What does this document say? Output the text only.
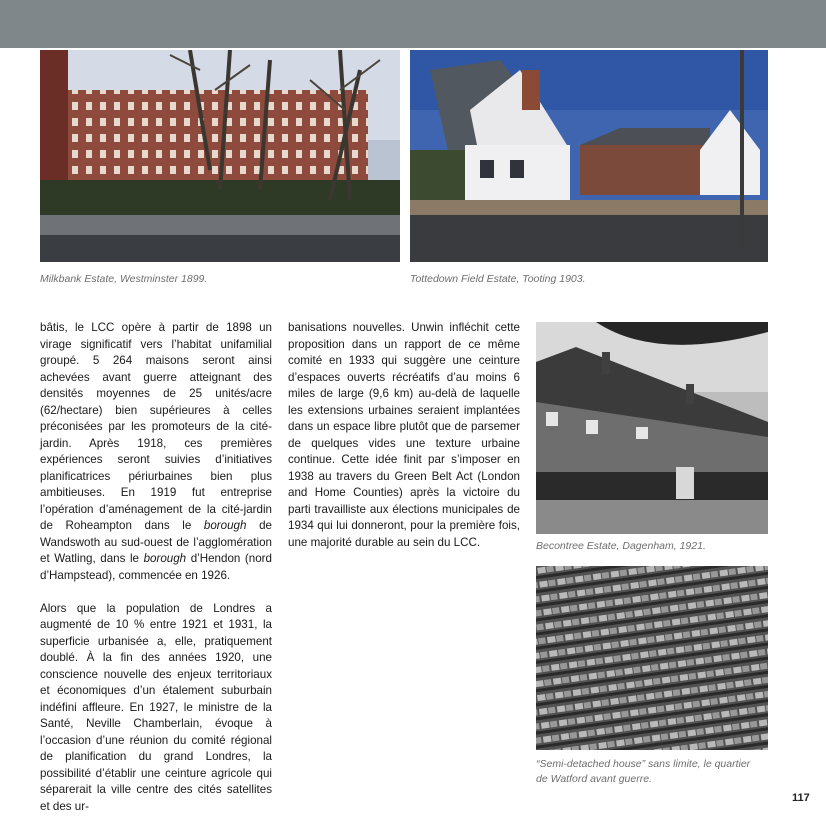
Milkbank Estate, Westminster 1899.	Tottedown Field Estate, Tooting 1903.

bâtis, le LCC opère à partir de 1898 un virage significatif vers l’habitat unifamilial groupé. 5 264 maisons seront ainsi achevées avant guerre atteignant des densités moyennes de 25 unités/acre (62/hectare) bien supérieures à celles préconisées par les promoteurs de la cité-jardin. Après 1918, ces premières expériences seront suivies d’initiatives planificatrices périurbaines bien plus ambitieuses. En 1919 fut entreprise l’opération d’aménagement de la cité-jardin de Roheampton dans le borough de Wandswoth au sud-ouest de l’agglomération et Watling, dans le borough d’Hendon (nord d’Hampstead), commencée en 1926.

Alors que la population de Londres a augmenté de 10 % entre 1921 et 1931, la superficie urbanisée a, elle, pratiquement doublé. À la fin des années 1920, une conscience nouvelle des enjeux territoriaux et économiques d’un étalement suburbain indéfini affleure. En 1927, le ministre de la Santé, Neville Chamberlain, évoque à l’occasion d’une réunion du comité régional de planification du grand Londres, la possibilité d’établir une ceinture agricole qui séparerait la ville centre des cités satellites et des ur-

banisations nouvelles. Unwin infléchit cette proposition dans un rapport de ce même comité en 1933 qui suggère une ceinture d’espaces ouverts récréatifs d’au moins 6 miles de large (9,6 km) au-delà de laquelle les extensions urbaines seraient implantées dans un espace libre plutôt que de parsemer de quelques vides une texture urbaine continue. Cette idée finit par s’imposer en 1938 au travers du Green Belt Act (London and Home Counties) après la victoire du parti travailliste aux élections municipales de 1934 qui lui donneront, pour la première fois, une majorité durable au sein du LCC.	Becontree Estate, Dagenham, 1921.

“Semi-detached house” sans limite, le quartier

de Watford avant guerre.

117
